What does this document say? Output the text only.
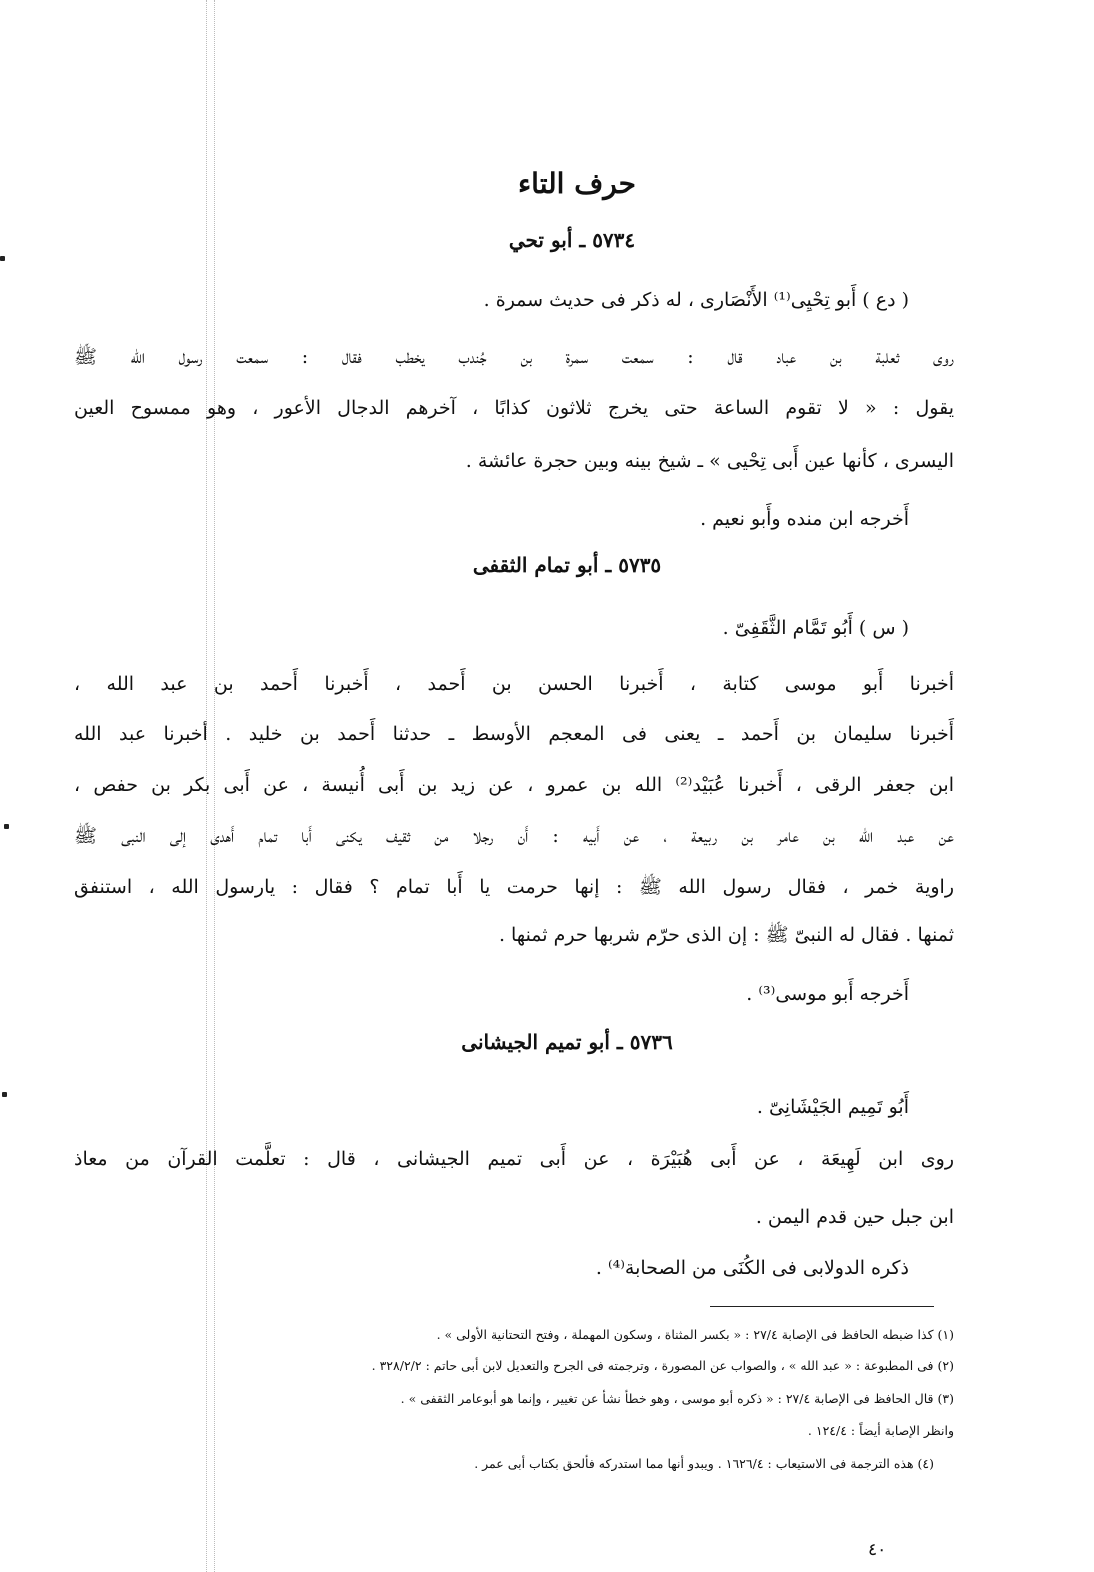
حرف التاء
٥٧٣٤ ـ أبو تحي
( دع ) أَبو تِحْيِى⁽¹⁾ الأَنْصَارى ، له ذكر فى حديث سمرة .
روى ثعلبة بن عباد قال : سمعت سمرة بن جُندب يخطب فقال : سمعت رسول الله ﷺ
يقول : « لا تقوم الساعة حتى يخرج ثلاثون كذابًا ، آخرهم الدجال الأعور ، وهو ممسوح العين
اليسرى ، كأنها عين أَبى تِحْيى » ـ شيخ بينه وبين حجرة عائشة .
أَخرجه ابن منده وأَبو نعيم .
٥٧٣٥ ـ أبو تمام الثقفى
( س ) أَبُو تَمَّام الثَّقَفِىّ .
أخبرنا أَبو موسى كتابة ، أَخبرنا الحسن بن أَحمد ، أَخبرنا أَحمد بن عبد الله ،
أَخبرنا سليمان بن أَحمد ـ يعنى فى المعجم الأوسط ـ حدثنا أَحمد بن خليد . أخبرنا عبد الله
ابن جعفر الرقى ، أَخبرنا عُبَيْد⁽²⁾ الله بن عمرو ، عن زيد بن أَبى أُنيسة ، عن أَبى بكر بن حفص ،
عن عبد الله بن عامر بن ربيعة ، عن أَبيه : أَن رجلا من ثقيف يكنى أَبا تمام أَهدى إلى النبى ﷺ
راوية خمر ، فقال رسول الله ﷺ : إنها حرمت يا أَبا تمام ؟ فقال : يارسول الله ، استنفق
ثمنها . فقال له النبىّ ﷺ : إن الذى حرّم شربها حرم ثمنها .
أَخرجه أَبو موسى⁽³⁾ .
٥٧٣٦ ـ أبو تميم الجيشانى
أَبُو تَمِيم الجَيْشَانِىّ .
روى ابن لَهِيعَة ، عن أَبى هُبَيْرَة ، عن أَبى تميم الجيشانى ، قال : تعلَّمت القرآن من معاذ
ابن جبل حين قدم اليمن .
ذكره الدولابى فى الكُنَى من الصحابة⁽⁴⁾ .
(١) كذا ضبطه الحافظ فى الإصابة ٢٧/٤ : « بكسر المثناة ، وسكون المهملة ، وفتح التحتانية الأولى » .
(٢) فى المطبوعة : « عبد الله » ، والصواب عن المصورة ، وترجمته فى الجرح والتعديل لابن أبى حاتم : ٣٢٨/٢/٢ .
(٣) قال الحافظ فى الإصابة ٢٧/٤ : « ذكره أبو موسى ، وهو خطأ نشأ عن تغيير ، وإنما هو أبوعامر الثقفى » .
وانظر الإصابة أيضاً : ١٢٤/٤ .
(٤) هذه الترجمة فى الاستيعاب : ١٦٢٦/٤ . ويبدو أنها مما استدركه فألحق بكتاب أبى عمر .
٤٠
